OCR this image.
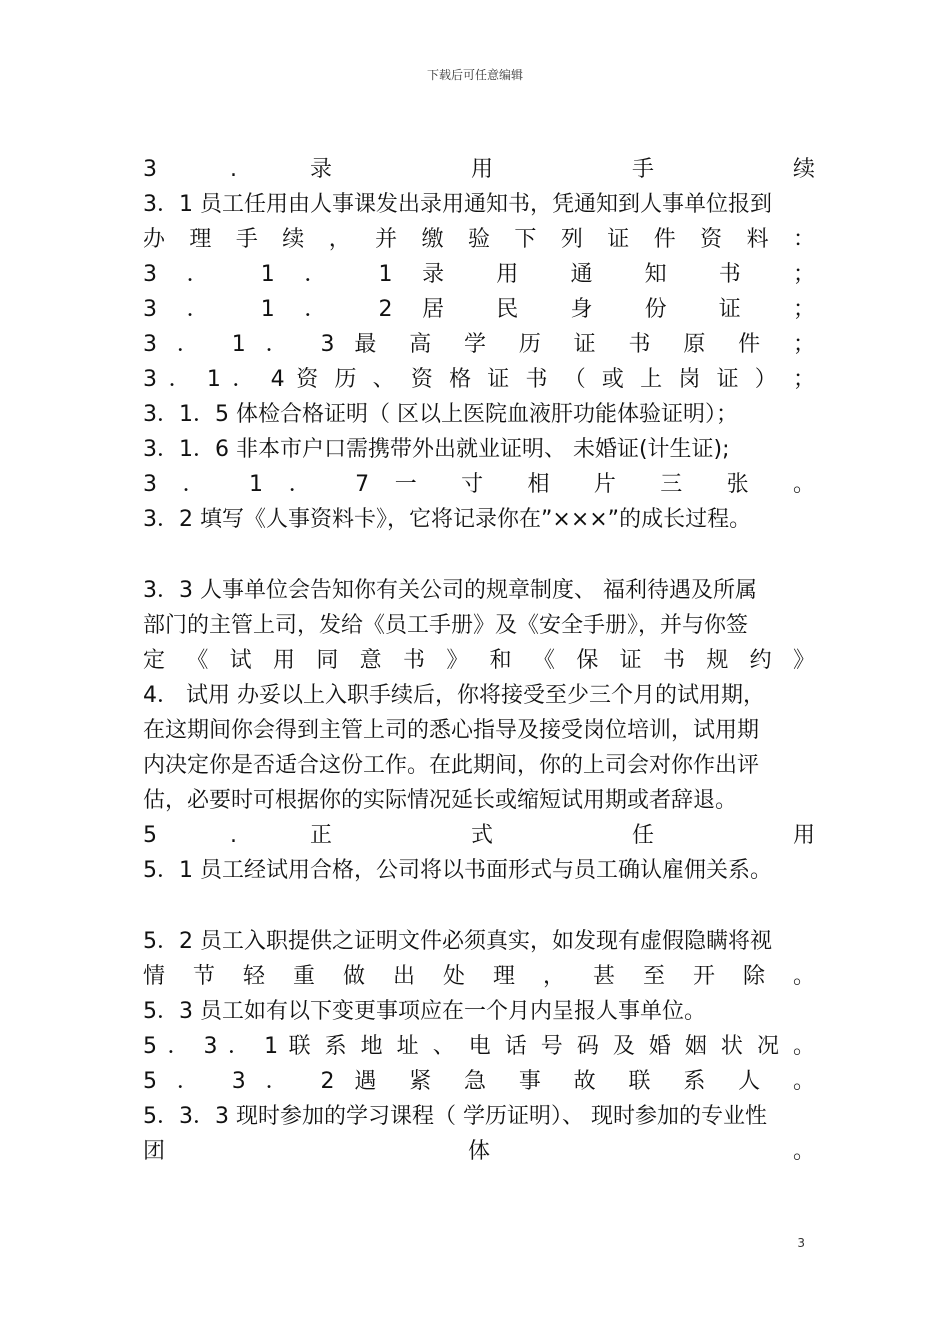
下载后可任意编辑
3 . 录 用 手 续
3．1 员工任用由人事课发出录用通知书，凭通知到人事单位报到
办 理 手 续 ， 并 缴 验 下 列 证 件 资 料 ：
3 ． 1 ． 1 录 用 通 知 书 ；
3 ． 1 ． 2 居 民 身 份 证 ；
3 ． 1 ． 3 最 高 学 历 证 书 原 件 ；
3 ． 1 ． 4 资 历 、 资 格 证 书 （ 或 上 岗 证 ） ；
3．1．5 体检合格证明（ 区以上医院血液肝功能体验证明）；
3．1．6 非本市户口需携带外出就业证明、 未婚证(计生证);
3 ． 1 ． 7 一 寸 相 片 三 张 。
3．2 填写《人事资料卡》，它将记录你在”×××”的成长过程。
3．3 人事单位会告知你有关公司的规章制度、 福利待遇及所属
部门的主管上司，发给《员工手册》及《安全手册》，并与你签
定 《 试 用 同 意 书 》 和 《 保 证 书 规 约 》
4． 试用 办妥以上入职手续后，你将接受至少三个月的试用期，
在这期间你会得到主管上司的悉心指导及接受岗位培训，试用期
内决定你是否适合这份工作。在此期间，你的上司会对你作出评
估，必要时可根据你的实际情况延长或缩短试用期或者辞退。
5 . 正 式 任 用
5．1 员工经试用合格，公司将以书面形式与员工确认雇佣关系。
5．2 员工入职提供之证明文件必须真实，如发现有虚假隐瞒将视
情 节 轻 重 做 出 处 理 ， 甚 至 开 除 。
5．3 员工如有以下变更事项应在一个月内呈报人事单位。
5 ． 3 ． 1 联 系 地 址 、 电 话 号 码 及 婚 姻 状 况 。
5 ． 3 ． 2 遇 紧 急 事 故 联 系 人 。
5．3．3 现时参加的学习课程（ 学历证明）、 现时参加的专业性
团 体 。
3
